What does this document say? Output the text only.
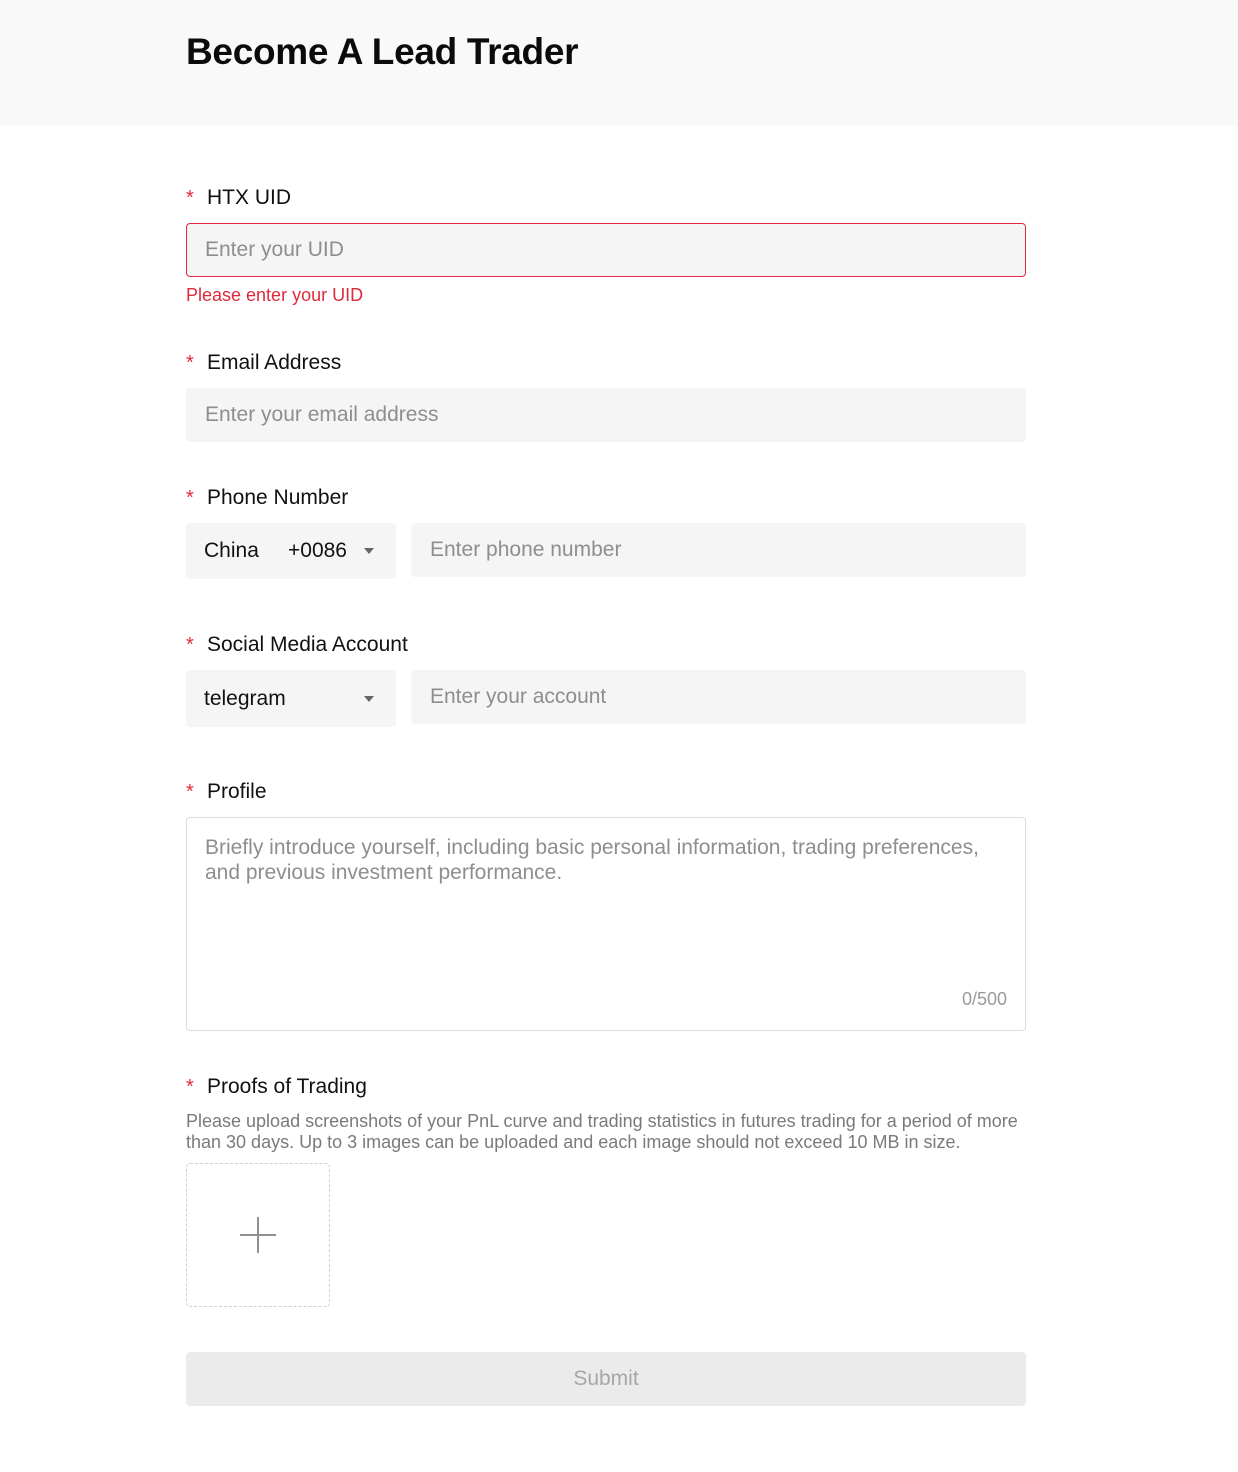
Become A Lead Trader
* HTX UID
Enter your UID
Please enter your UID
* Email Address
Enter your email address
* Phone Number
China +0086
Enter phone number
* Social Media Account
telegram
Enter your account
* Profile
Briefly introduce yourself, including basic personal information, trading preferences, and previous investment performance.
0/500
* Proofs of Trading
Please upload screenshots of your PnL curve and trading statistics in futures trading for a period of more than 30 days. Up to 3 images can be uploaded and each image should not exceed 10 MB in size.
Submit
